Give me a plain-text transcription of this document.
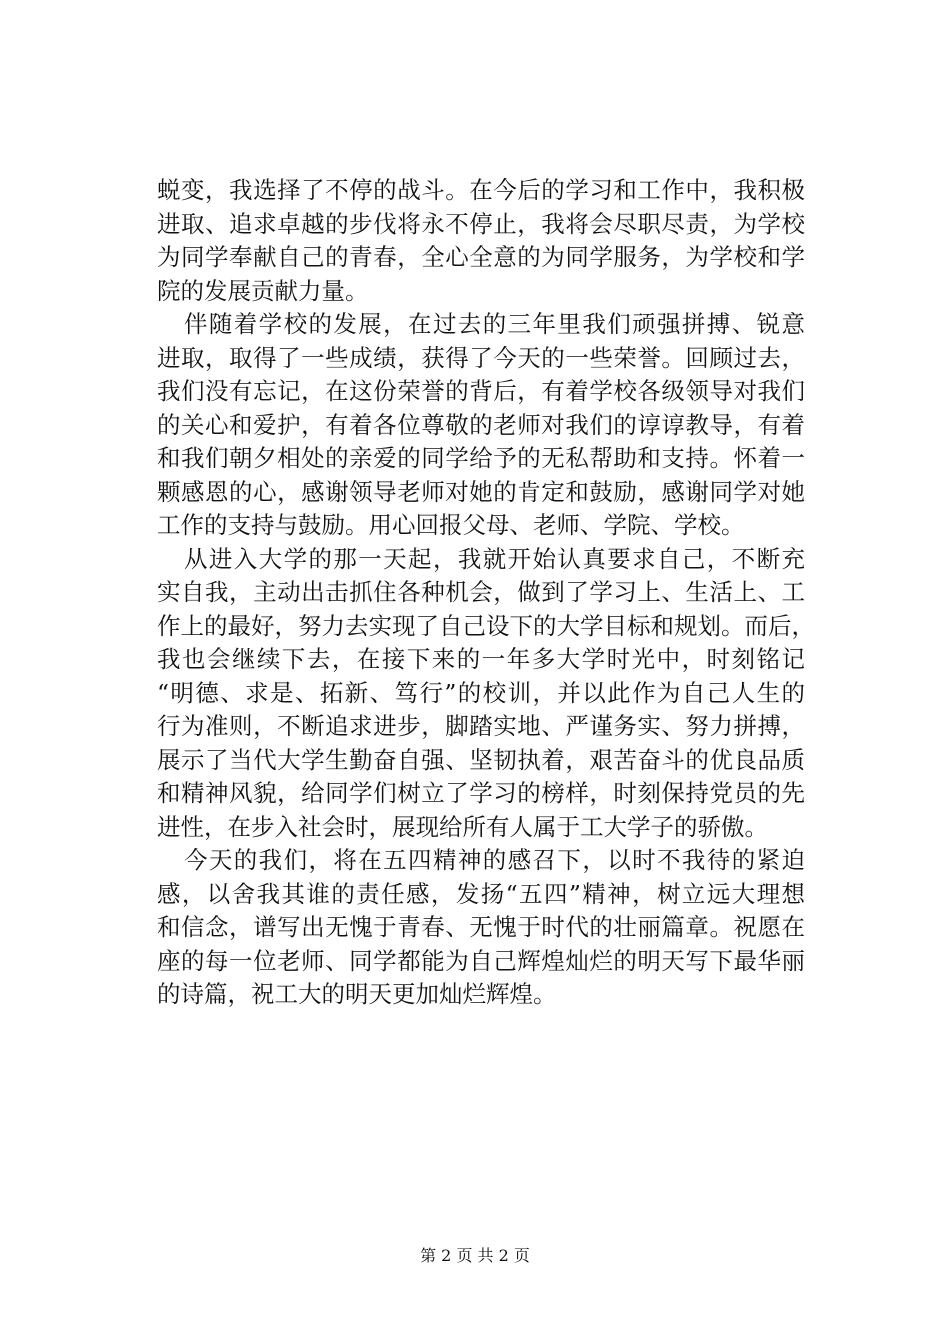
蜕变，我选择了不停的战斗。在今后的学习和工作中，我积极
进取、追求卓越的步伐将永不停止，我将会尽职尽责，为学校
为同学奉献自己的青春，全心全意的为同学服务，为学校和学
院的发展贡献力量。
伴随着学校的发展，在过去的三年里我们顽强拼搏、锐意
进取，取得了一些成绩，获得了今天的一些荣誉。回顾过去，
我们没有忘记，在这份荣誉的背后，有着学校各级领导对我们
的关心和爱护，有着各位尊敬的老师对我们的谆谆教导，有着
和我们朝夕相处的亲爱的同学给予的无私帮助和支持。怀着一
颗感恩的心，感谢领导老师对她的肯定和鼓励，感谢同学对她
工作的支持与鼓励。用心回报父母、老师、学院、学校。
从进入大学的那一天起，我就开始认真要求自己，不断充
实自我，主动出击抓住各种机会，做到了学习上、生活上、工
作上的最好，努力去实现了自己设下的大学目标和规划。而后，
我也会继续下去，在接下来的一年多大学时光中，时刻铭记
“明德、求是、拓新、笃行”的校训，并以此作为自己人生的
行为准则，不断追求进步，脚踏实地、严谨务实、努力拼搏，
展示了当代大学生勤奋自强、坚韧执着，艰苦奋斗的优良品质
和精神风貌，给同学们树立了学习的榜样，时刻保持党员的先
进性，在步入社会时，展现给所有人属于工大学子的骄傲。
今天的我们，将在五四精神的感召下，以时不我待的紧迫
感，以舍我其谁的责任感，发扬“五四”精神，树立远大理想
和信念，谱写出无愧于青春、无愧于时代的壮丽篇章。祝愿在
座的每一位老师、同学都能为自己辉煌灿烂的明天写下最华丽
的诗篇，祝工大的明天更加灿烂辉煌。
第 2 页 共 2 页
